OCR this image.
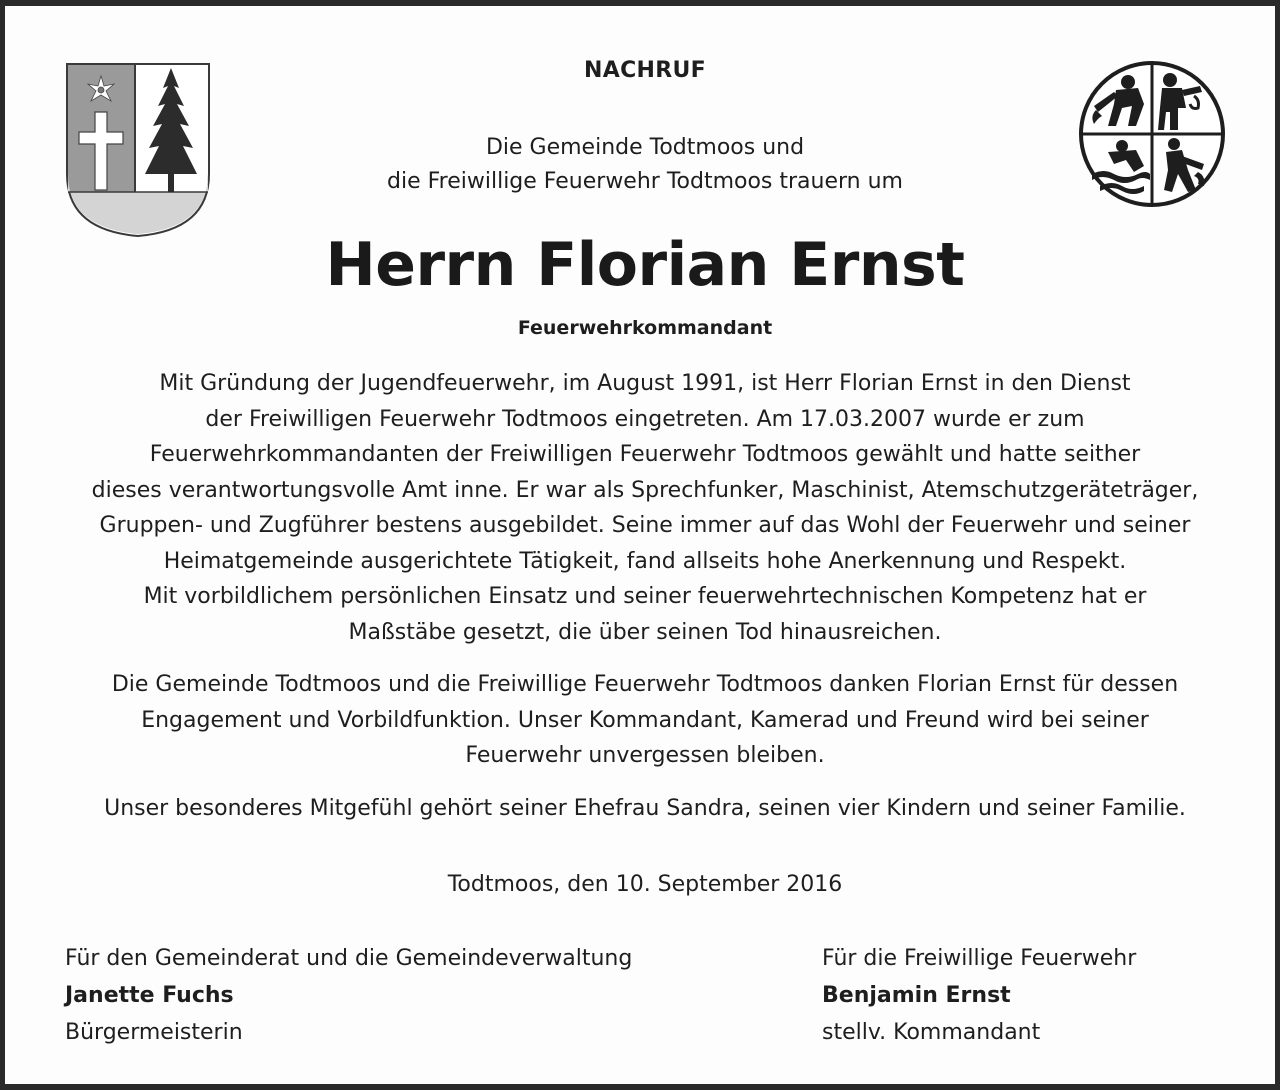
NACHRUF
Die Gemeinde Todtmoos und
die Freiwillige Feuerwehr Todtmoos trauern um
Herrn Florian Ernst
Feuerwehrkommandant
Mit Gründung der Jugendfeuerwehr, im August 1991, ist Herr Florian Ernst in den Dienst
der Freiwilligen Feuerwehr Todtmoos eingetreten. Am 17.03.2007 wurde er zum
Feuerwehrkommandanten der Freiwilligen Feuerwehr Todtmoos gewählt und hatte seither
dieses verantwortungsvolle Amt inne. Er war als Sprechfunker, Maschinist, Atemschutzgeräteträger,
Gruppen- und Zugführer bestens ausgebildet. Seine immer auf das Wohl der Feuerwehr und seiner
Heimatgemeinde ausgerichtete Tätigkeit, fand allseits hohe Anerkennung und Respekt.
Mit vorbildlichem persönlichen Einsatz und seiner feuerwehrtechnischen Kompetenz hat er
Maßstäbe gesetzt, die über seinen Tod hinausreichen.
Die Gemeinde Todtmoos und die Freiwillige Feuerwehr Todtmoos danken Florian Ernst für dessen
Engagement und Vorbildfunktion. Unser Kommandant, Kamerad und Freund wird bei seiner
Feuerwehr unvergessen bleiben.
Unser besonderes Mitgefühl gehört seiner Ehefrau Sandra, seinen vier Kindern und seiner Familie.
Todtmoos, den 10. September 2016
Für den Gemeinderat und die Gemeindeverwaltung
Janette Fuchs
Bürgermeisterin
Für die Freiwillige Feuerwehr
Benjamin Ernst
stellv. Kommandant
